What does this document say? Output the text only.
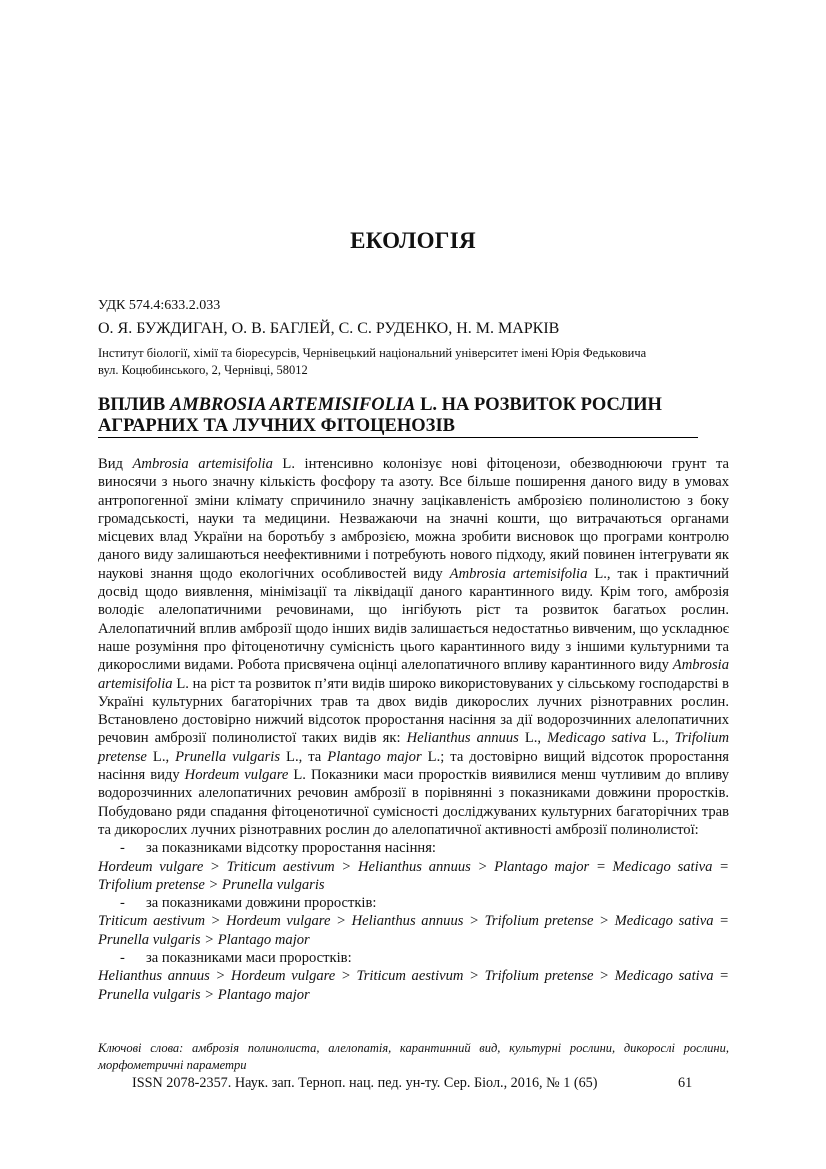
ЕКОЛОГІЯ
УДК 574.4:633.2.033
О. Я. БУЖДИГАН, О. В. БАГЛЕЙ, С. С. РУДЕНКО, Н. М. МАРКІВ
Інститут біології, хімії та біоресурсів, Чернівецький національний університет імені Юрія Федьковича
вул. Коцюбинського, 2, Чернівці, 58012
ВПЛИВ AMBROSIA ARTEMISIFOLIA L. НА РОЗВИТОК РОСЛИН
АГРАРНИХ ТА ЛУЧНИХ ФІТОЦЕНОЗІВ

Вид Ambrosia artemisifolia L. інтенсивно колонізує нові фітоценози, обезводнюючи грунт та виносячи з нього значну кількість фосфору та азоту. Все більше поширення даного виду в умовах антропогенної зміни клімату спричинило значну зацікавленість амброзією полинолистою з боку громадськості, науки та медицини. Незважаючи на значні кошти, що витрачаються органами місцевих влад України на боротьбу з амброзією, можна зробити висновок що програми контролю даного виду залишаються неефективними і потребують нового підходу, який повинен інтегрувати як наукові знання щодо екологічних особливостей виду Ambrosia artemisifolia L., так і практичний досвід щодо виявлення, мінімізації та ліквідації даного карантинного виду. Крім того, амброзія володіє алелопатичними речовинами, що інгібують ріст та розвиток багатьох рослин. Алелопатичний вплив амброзії щодо інших видів залишається недостатньо вивченим, що ускладнює наше розуміння про фітоценотичну сумісність цього карантинного виду з іншими культурними та дикорослими видами. Робота присвячена оцінці алелопатичного впливу карантинного виду Ambrosia artemisifolia L. на ріст та розвиток п’яти видів широко використовуваних у сільському господарстві в Україні культурних багаторічних трав та двох видів дикорослих лучних різнотравних рослин. Встановлено достовірно нижчий відсоток проростання насіння за дії водорозчинних алелопатичних речовин амброзії полинолистої таких видів як: Helianthus annuus L., Medicago sativa L., Trifolium pretense L., Prunella vulgaris L., та Plantago major L.; та достовірно вищий відсоток проростання насіння виду Hordeum vulgare L. Показники маси проростків виявилися менш чутливим до впливу водорозчинних алелопатичних речовин амброзії в порівнянні з показниками довжини проростків. Побудовано ряди спадання фітоценотичної сумісності досліджуваних культурних багаторічних трав та дикорослих лучних різнотравних рослин до алелопатичної активності амброзії полинолистої:

- за показниками відсотку проростання насіння:

Hordeum vulgare > Triticum aestivum > Helianthus annuus > Plantago major = Medicago sativa = Trifolium pretense > Prunella vulgaris

- за показниками довжини проростків:

Triticum aestivum > Hordeum vulgare > Helianthus annuus > Trifolium pretense > Medicago sativa = Prunella vulgaris > Plantago major

- за показниками маси проростків:

Helianthus annuus > Hordeum vulgare > Triticum aestivum > Trifolium pretense > Medicago sativa = Prunella vulgaris > Plantago major

Ключові слова: амброзія полинолиста, алелопатія, карантинний вид, культурні рослини, дикорослі рослини, морфометричні параметри
ISSN 2078-2357. Наук. зап. Терноп. нац. пед. ун-ту. Сер. Біол., 2016, № 1 (65)	61
